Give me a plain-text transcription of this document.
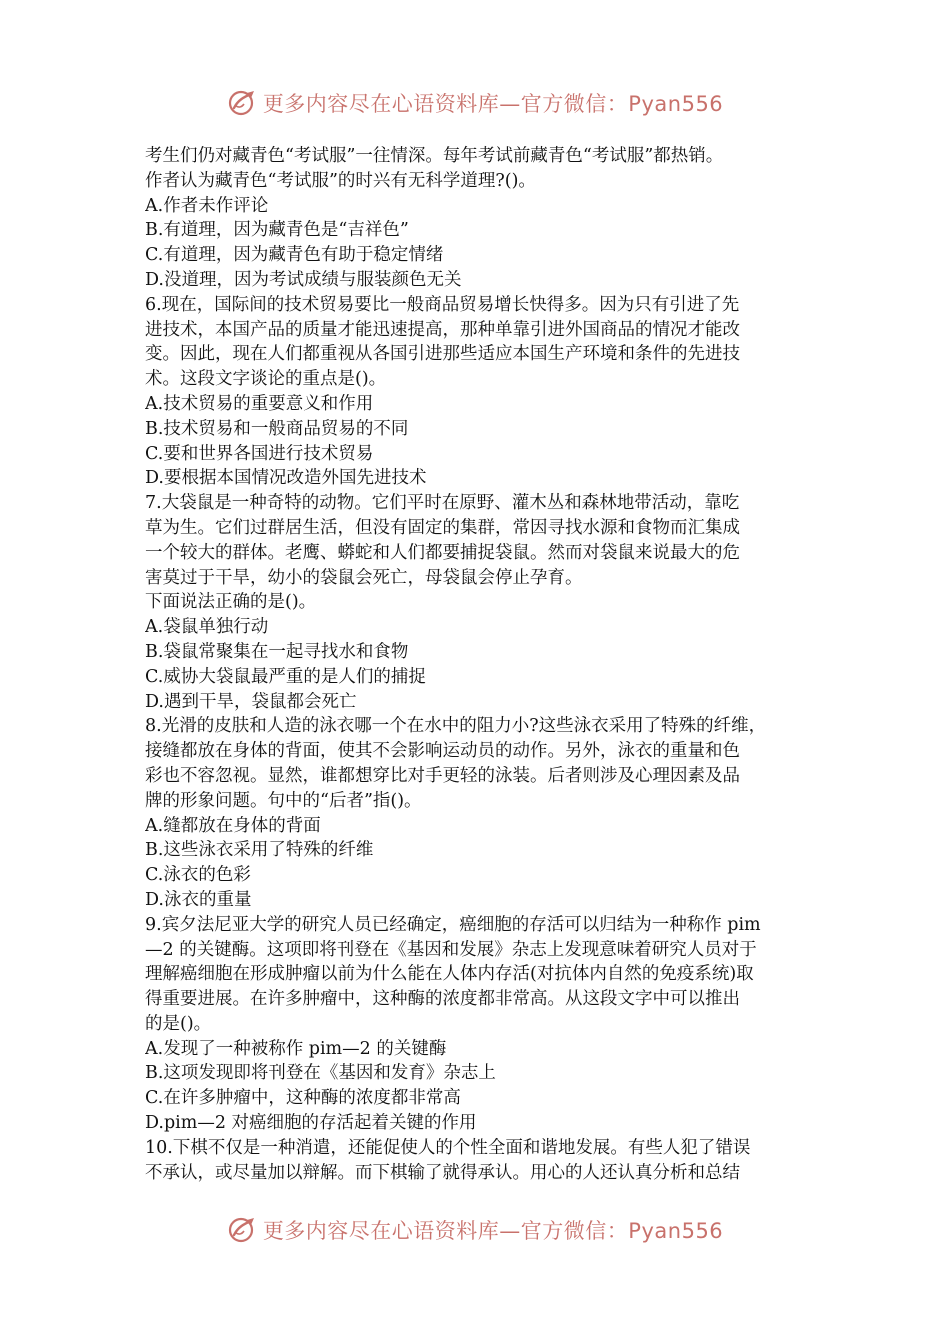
更多内容尽在心语资料库—官方微信：Pyan556
考生们仍对藏青色“考试服”一往情深。每年考试前藏青色“考试服”都热销。
作者认为藏青色“考试服”的时兴有无科学道理?()。
A.作者未作评论
B.有道理，因为藏青色是“吉祥色”
C.有道理，因为藏青色有助于稳定情绪
D.没道理，因为考试成绩与服装颜色无关
6.现在，国际间的技术贸易要比一般商品贸易增长快得多。因为只有引进了先
进技术，本国产品的质量才能迅速提高，那种单靠引进外国商品的情况才能改
变。因此，现在人们都重视从各国引进那些适应本国生产环境和条件的先进技
术。这段文字谈论的重点是()。
A.技术贸易的重要意义和作用
B.技术贸易和一般商品贸易的不同
C.要和世界各国进行技术贸易
D.要根据本国情况改造外国先进技术
7.大袋鼠是一种奇特的动物。它们平时在原野、灌木丛和森林地带活动，靠吃
草为生。它们过群居生活，但没有固定的集群，常因寻找水源和食物而汇集成
一个较大的群体。老鹰、蟒蛇和人们都要捕捉袋鼠。然而对袋鼠来说最大的危
害莫过于干旱，幼小的袋鼠会死亡，母袋鼠会停止孕育。
下面说法正确的是()。
A.袋鼠单独行动
B.袋鼠常聚集在一起寻找水和食物
C.威协大袋鼠最严重的是人们的捕捉
D.遇到干旱，袋鼠都会死亡
8.光滑的皮肤和人造的泳衣哪一个在水中的阻力小?这些泳衣采用了特殊的纤维，
接缝都放在身体的背面，使其不会影响运动员的动作。另外，泳衣的重量和色
彩也不容忽视。显然，谁都想穿比对手更轻的泳装。后者则涉及心理因素及品
牌的形象问题。句中的“后者”指()。
A.缝都放在身体的背面
B.这些泳衣采用了特殊的纤维
C.泳衣的色彩
D.泳衣的重量
9.宾夕法尼亚大学的研究人员已经确定，癌细胞的存活可以归结为一种称作 pim
—2 的关键酶。这项即将刊登在《基因和发展》杂志上发现意味着研究人员对于
理解癌细胞在形成肿瘤以前为什么能在人体内存活(对抗体内自然的免疫系统)取
得重要进展。在许多肿瘤中，这种酶的浓度都非常高。从这段文字中可以推出
的是()。
A.发现了一种被称作 pim—2 的关键酶
B.这项发现即将刊登在《基因和发育》杂志上
C.在许多肿瘤中，这种酶的浓度都非常高
D.pim—2 对癌细胞的存活起着关键的作用
10.下棋不仅是一种消遣，还能促使人的个性全面和谐地发展。有些人犯了错误
不承认，或尽量加以辩解。而下棋输了就得承认。用心的人还认真分析和总结
更多内容尽在心语资料库—官方微信：Pyan556
